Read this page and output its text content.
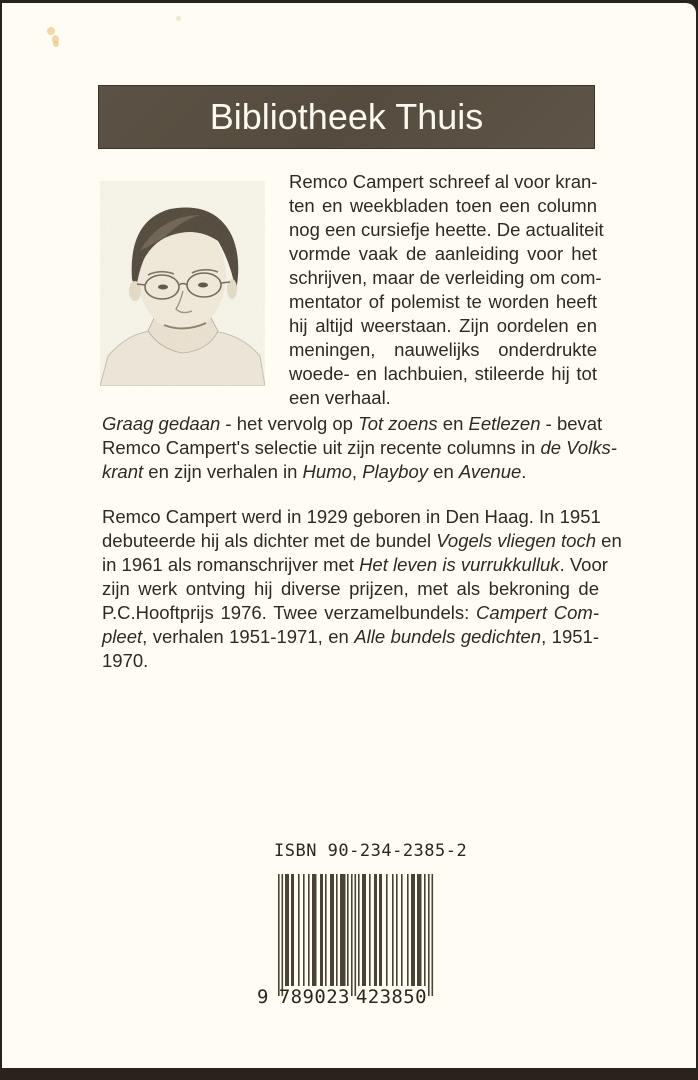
Bibliotheek Thuis
Remco Campert schreef al voor kran-
ten en weekbladen toen een column
nog een cursiefje heette. De actualiteit
vormde vaak de aanleiding voor het
schrijven, maar de verleiding om com-
mentator of polemist te worden heeft
hij altijd weerstaan. Zijn oordelen en
meningen, nauwelijks onderdrukte
woede- en lachbuien, stileerde hij tot
een verhaal.
Graag gedaan - het vervolg op Tot zoens en Eetlezen - bevat
Remco Campert's selectie uit zijn recente columns in de Volks-
krant en zijn verhalen in Humo, Playboy en Avenue.
Remco Campert werd in 1929 geboren in Den Haag. In 1951
debuteerde hij als dichter met de bundel Vogels vliegen toch en
in 1961 als romanschrijver met Het leven is vurrukkulluk. Voor
zijn werk ontving hij diverse prijzen, met als bekroning de
P.C.Hooftprijs 1976. Twee verzamelbundels: Campert Com-
pleet, verhalen 1951-1971, en Alle bundels gedichten, 1951-
1970.
ISBN 90-234-2385-2
9 789023 423850
